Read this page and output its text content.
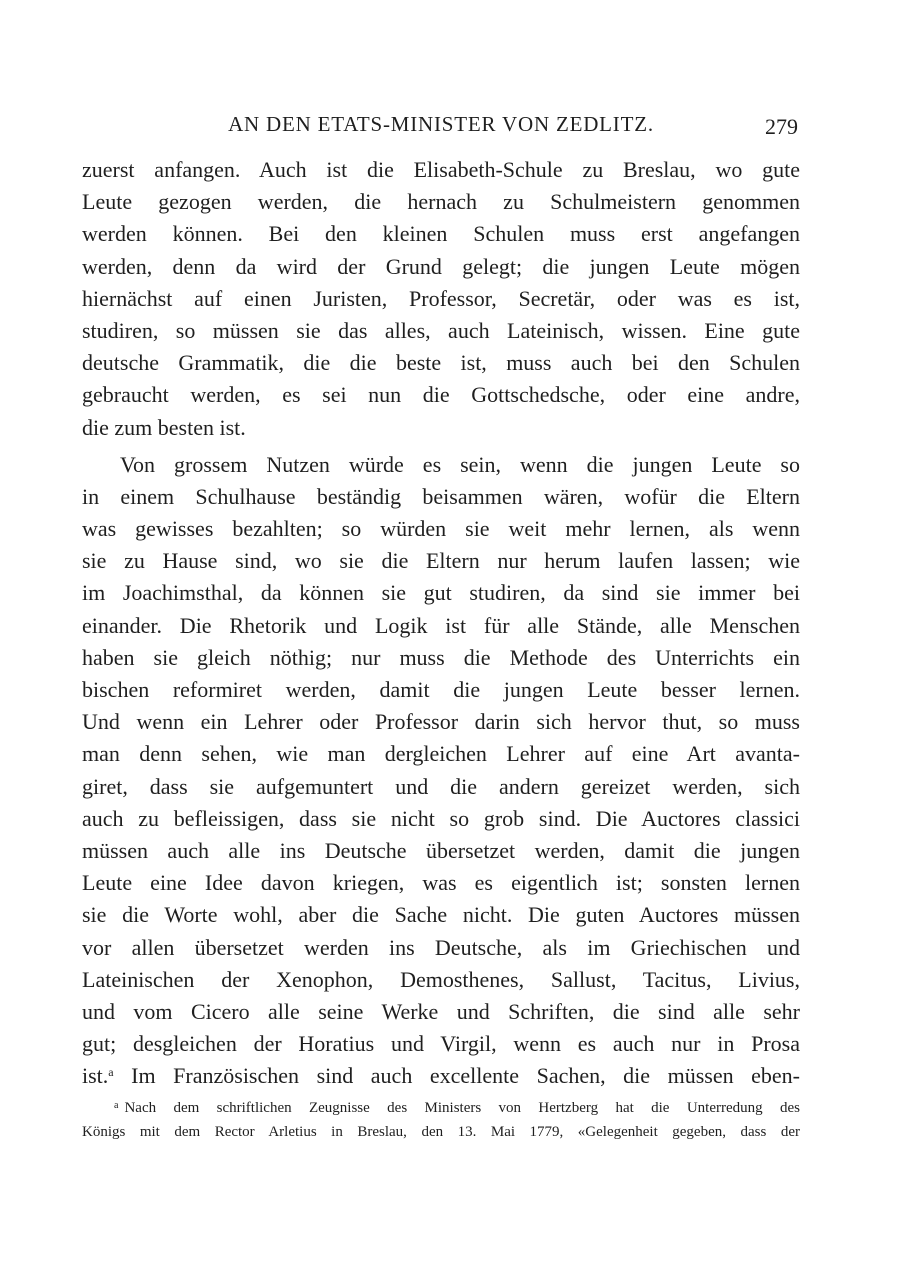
AN DEN ETATS-MINISTER VON ZEDLITZ.	279
zuerst anfangen. Auch ist die Elisabeth-Schule zu Breslau, wo gute
Leute gezogen werden, die hernach zu Schulmeistern genommen
werden können. Bei den kleinen Schulen muss erst angefangen
werden, denn da wird der Grund gelegt; die jungen Leute mögen
hiernächst auf einen Juristen, Professor, Secretär, oder was es ist,
studiren, so müssen sie das alles, auch Lateinisch, wissen. Eine gute
deutsche Grammatik, die die beste ist, muss auch bei den Schulen
gebraucht werden, es sei nun die Gottschedsche, oder eine andre,
die zum besten ist.
Von grossem Nutzen würde es sein, wenn die jungen Leute so
in einem Schulhause beständig beisammen wären, wofür die Eltern
was gewisses bezahlten; so würden sie weit mehr lernen, als wenn
sie zu Hause sind, wo sie die Eltern nur herum laufen lassen; wie
im Joachimsthal, da können sie gut studiren, da sind sie immer bei
einander. Die Rhetorik und Logik ist für alle Stände, alle Menschen
haben sie gleich nöthig; nur muss die Methode des Unterrichts ein
bischen reformiret werden, damit die jungen Leute besser lernen.
Und wenn ein Lehrer oder Professor darin sich hervor thut, so muss
man denn sehen, wie man dergleichen Lehrer auf eine Art avanta-
giret, dass sie aufgemuntert und die andern gereizet werden, sich
auch zu befleissigen, dass sie nicht so grob sind. Die Auctores classici
müssen auch alle ins Deutsche übersetzet werden, damit die jungen
Leute eine Idee davon kriegen, was es eigentlich ist; sonsten lernen
sie die Worte wohl, aber die Sache nicht. Die guten Auctores müssen
vor allen übersetzet werden ins Deutsche, als im Griechischen und
Lateinischen der Xenophon, Demosthenes, Sallust, Tacitus, Livius,
und vom Cicero alle seine Werke und Schriften, die sind alle sehr
gut; desgleichen der Horatius und Virgil, wenn es auch nur in Prosa
ist.$^a$ Im Französischen sind auch excellente Sachen, die müssen eben-
$^a$ Nach dem schriftlichen Zeugnisse des Ministers von Hertzberg hat die Unterredung des
Königs mit dem Rector Arletius in Breslau, den 13. Mai 1779, «Gelegenheit gegeben, dass der
